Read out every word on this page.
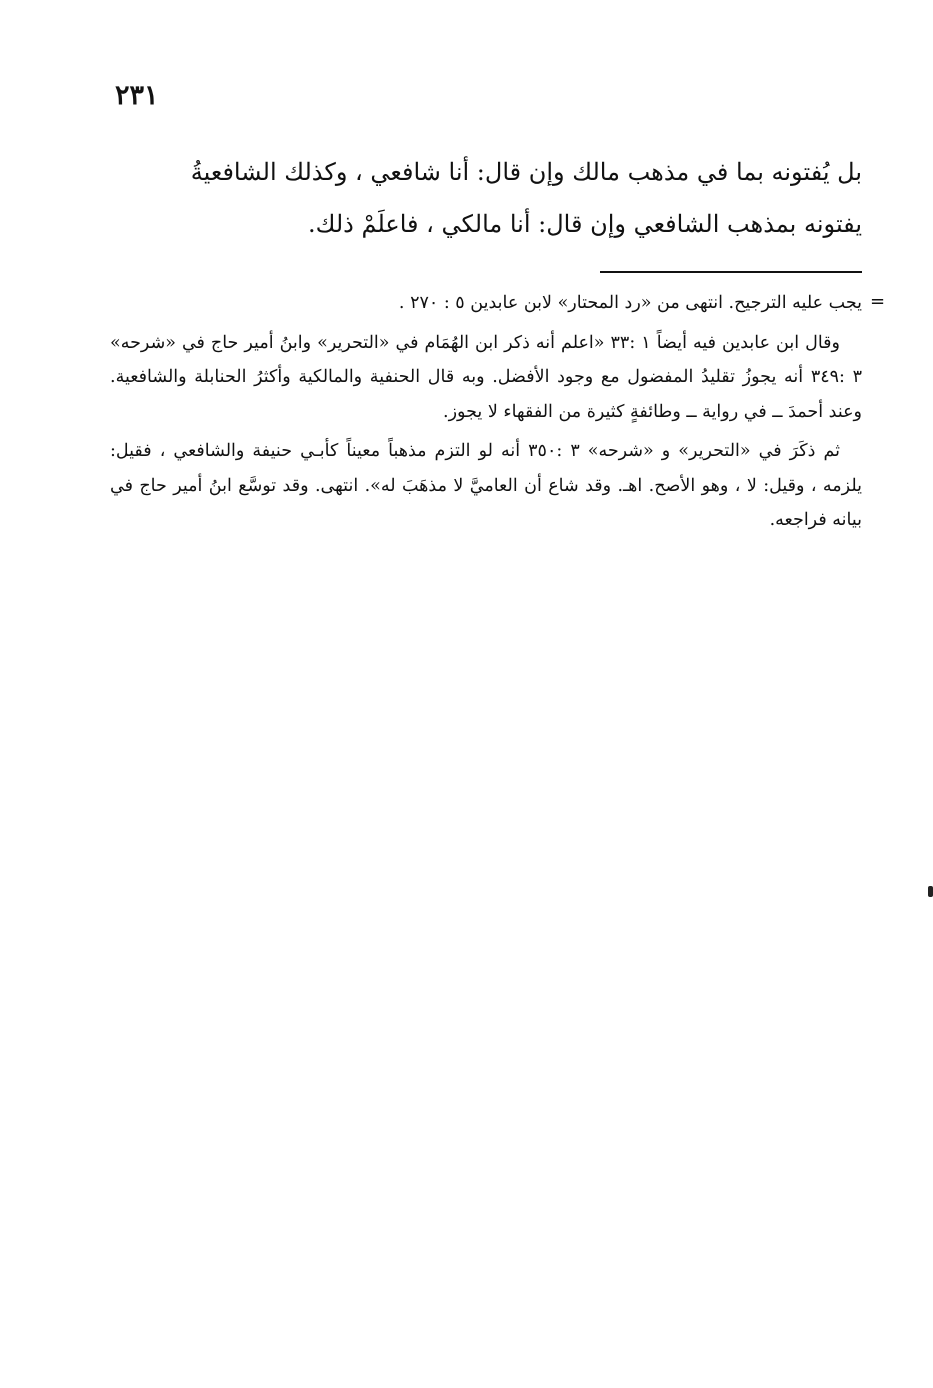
٢٣١

بل يُفتونه بما في مذهب مالك وإن قال: أنا شافعي ، وكذلك الشافعيةُ

يفتونه بمذهب الشافعي وإن قال: أنا مالكي ، فاعلَمْ ذلك.

=

يجب عليه الترجيح. انتهى من «رد المحتار» لابن عابدين ٥ : ٢٧٠ .

وقال ابن عابدين فيه أيضاً ١ :٣٣ «اعلم أنه ذكر ابن الهُمَام في «التحرير» وابنُ أمير حاج في «شرحه» ٣ :٣٤٩ أنه يجوزُ تقليدُ المفضول مع وجود الأفضل. وبه قال الحنفية والمالكية وأكثرُ الحنابلة والشافعية. وعند أحمدَ ــ في رواية ــ وطائفةٍ كثيرة من الفقهاء لا يجوز.

ثم ذكَرَ في «التحرير» و «شرحه» ٣ :٣٥٠ أنه لو التزم مذهباً معيناً كأبـي حنيفة والشافعي ، فقيل: يلزمه ، وقيل: لا ، وهو الأصح. اهـ. وقد شاع أن العاميَّ لا مذهَبَ له». انتهى. وقد توسَّع ابنُ أمير حاج في بيانه فراجعه.
